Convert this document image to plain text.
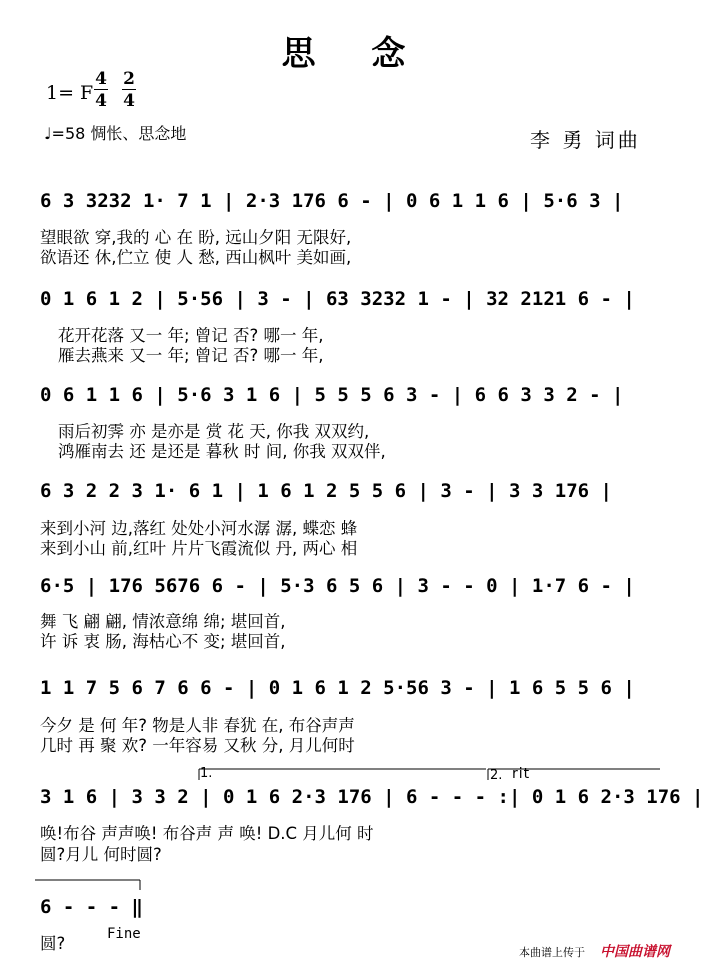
思 念
1= F
4
4
2
4
♩=58 惆怅、思念地	李 勇 词曲
6 3 3232 1· 7 1 | 2·3 176 6 - | 0 6 1 1 6 | 5·6 3 |
望眼欲 穿,我的 心 在 盼, 远山夕阳 无限好,
欲语还 休,伫立 使 人 愁, 西山枫叶 美如画,
0 1 6 1 2 | 5·56 | 3 - | 63 3232 1 - | 32 2121 6 - |
花开花落 又一 年; 曾记 否? 哪一 年,
雁去燕来 又一 年; 曾记 否? 哪一 年,
0 6 1 1 6 | 5·6 3 1 6 | 5 5 5 6 3 - | 6 6 3 3 2 - |
雨后初霁 亦 是亦是 赏 花 天, 你我 双双约,
鸿雁南去 还 是还是 暮秋 时 间, 你我 双双伴,
6 3 2 2 3 1· 6 1 | 1 6 1 2 5 5 6 | 3 - | 3 3 176 |
来到小河 边,落红 处处小河水潺 潺, 蝶恋 蜂
来到小山 前,红叶 片片飞霞流似 丹, 两心 相
6·5 | 176 5676 6 - | 5·3 6 5 6 | 3 - - 0 | 1·7 6 - |
舞 飞 翩 翩, 情浓意绵 绵; 堪回首,
许 诉 衷 肠, 海枯心不 变; 堪回首,
1 1 7 5 6 7 6 6 - | 0 1 6 1 2 5·56 3 - | 1 6 5 5 6 |
今夕 是 何 年? 物是人非 春犹 在, 布谷声声
几时 再 聚 欢? 一年容易 又秋 分, 月儿何时
1.	2. rit
3 1 6 | 3 3 2 | 0 1 6 2·3 176 | 6 - - - :| 0 1 6 2·3 176 |
唤!布谷 声声唤! 布谷声 声 唤! D.C 月儿何 时
圆?月儿 何时圆?
6 - - - ‖
圆?	Fine
本曲谱上传于 中国曲谱网
